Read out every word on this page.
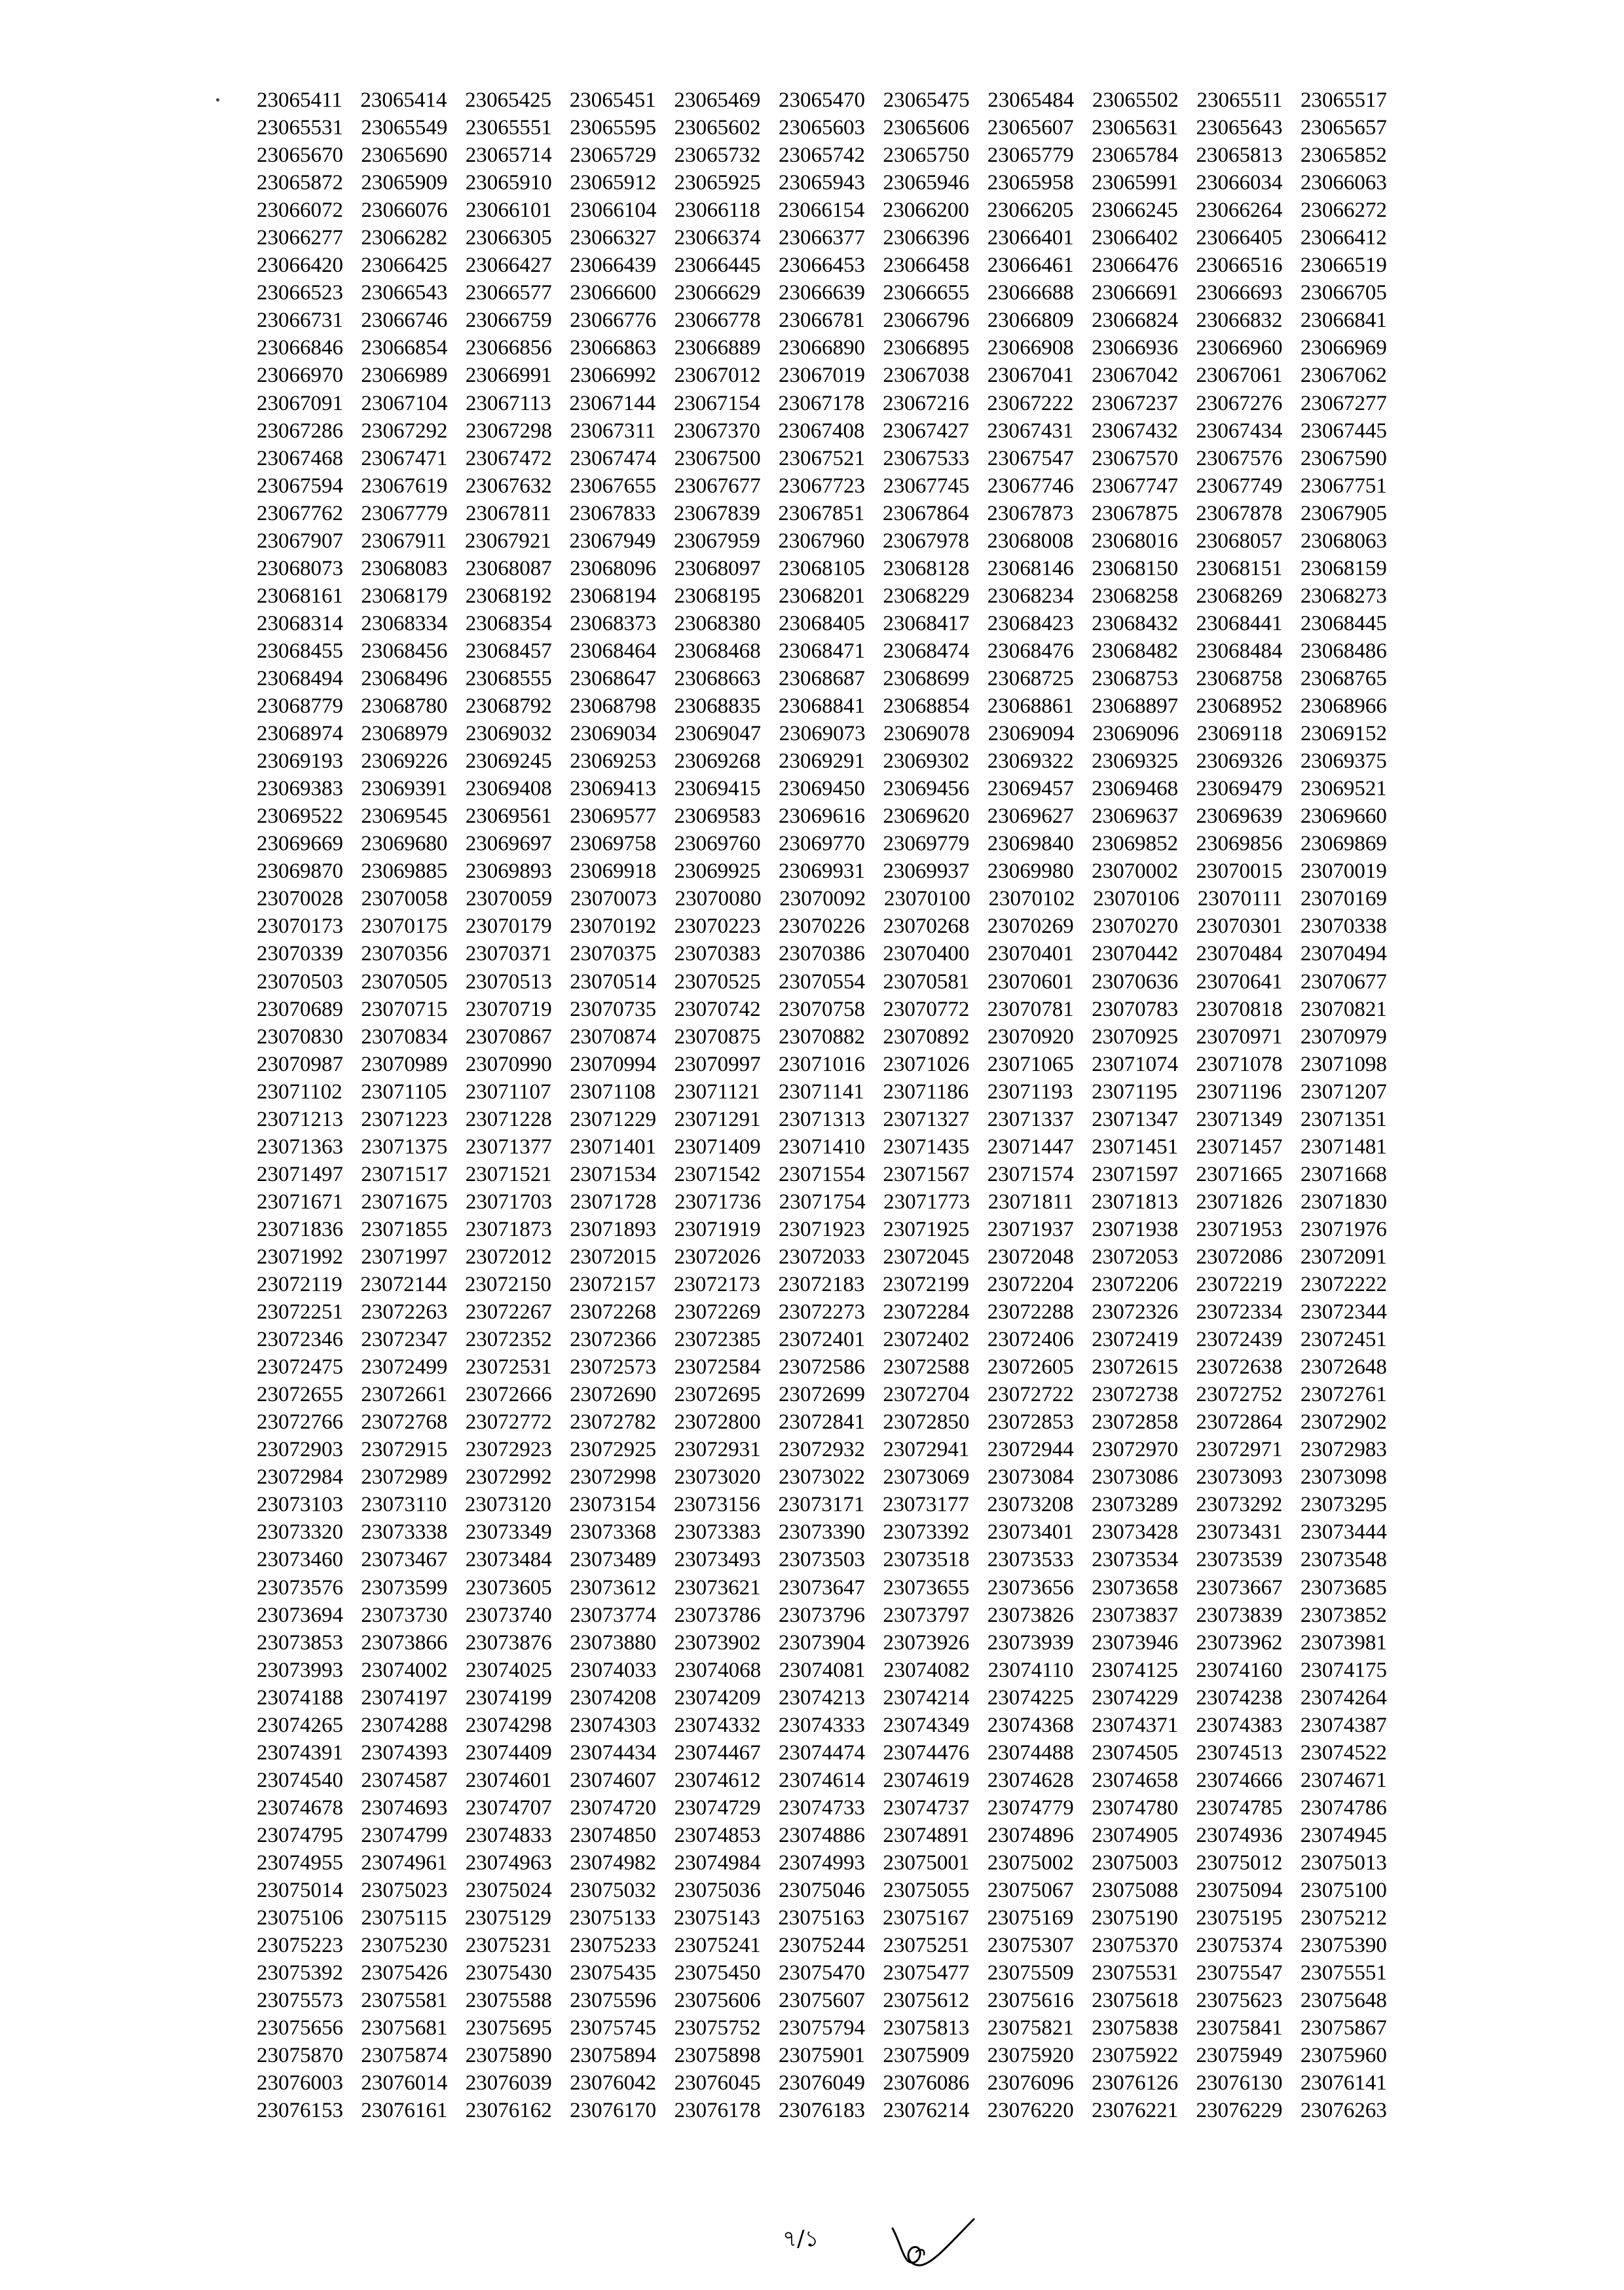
23065411 23065414 23065425 23065451 23065469 23065470 23065475 23065484 23065502 23065511 23065517
23065531 23065549 23065551 23065595 23065602 23065603 23065606 23065607 23065631 23065643 23065657
23065670 23065690 23065714 23065729 23065732 23065742 23065750 23065779 23065784 23065813 23065852
23065872 23065909 23065910 23065912 23065925 23065943 23065946 23065958 23065991 23066034 23066063
23066072 23066076 23066101 23066104 23066118 23066154 23066200 23066205 23066245 23066264 23066272
23066277 23066282 23066305 23066327 23066374 23066377 23066396 23066401 23066402 23066405 23066412
23066420 23066425 23066427 23066439 23066445 23066453 23066458 23066461 23066476 23066516 23066519
23066523 23066543 23066577 23066600 23066629 23066639 23066655 23066688 23066691 23066693 23066705
23066731 23066746 23066759 23066776 23066778 23066781 23066796 23066809 23066824 23066832 23066841
23066846 23066854 23066856 23066863 23066889 23066890 23066895 23066908 23066936 23066960 23066969
23066970 23066989 23066991 23066992 23067012 23067019 23067038 23067041 23067042 23067061 23067062
23067091 23067104 23067113 23067144 23067154 23067178 23067216 23067222 23067237 23067276 23067277
23067286 23067292 23067298 23067311 23067370 23067408 23067427 23067431 23067432 23067434 23067445
23067468 23067471 23067472 23067474 23067500 23067521 23067533 23067547 23067570 23067576 23067590
23067594 23067619 23067632 23067655 23067677 23067723 23067745 23067746 23067747 23067749 23067751
23067762 23067779 23067811 23067833 23067839 23067851 23067864 23067873 23067875 23067878 23067905
23067907 23067911 23067921 23067949 23067959 23067960 23067978 23068008 23068016 23068057 23068063
23068073 23068083 23068087 23068096 23068097 23068105 23068128 23068146 23068150 23068151 23068159
23068161 23068179 23068192 23068194 23068195 23068201 23068229 23068234 23068258 23068269 23068273
23068314 23068334 23068354 23068373 23068380 23068405 23068417 23068423 23068432 23068441 23068445
23068455 23068456 23068457 23068464 23068468 23068471 23068474 23068476 23068482 23068484 23068486
23068494 23068496 23068555 23068647 23068663 23068687 23068699 23068725 23068753 23068758 23068765
23068779 23068780 23068792 23068798 23068835 23068841 23068854 23068861 23068897 23068952 23068966
23068974 23068979 23069032 23069034 23069047 23069073 23069078 23069094 23069096 23069118 23069152
23069193 23069226 23069245 23069253 23069268 23069291 23069302 23069322 23069325 23069326 23069375
23069383 23069391 23069408 23069413 23069415 23069450 23069456 23069457 23069468 23069479 23069521
23069522 23069545 23069561 23069577 23069583 23069616 23069620 23069627 23069637 23069639 23069660
23069669 23069680 23069697 23069758 23069760 23069770 23069779 23069840 23069852 23069856 23069869
23069870 23069885 23069893 23069918 23069925 23069931 23069937 23069980 23070002 23070015 23070019
23070028 23070058 23070059 23070073 23070080 23070092 23070100 23070102 23070106 23070111 23070169
23070173 23070175 23070179 23070192 23070223 23070226 23070268 23070269 23070270 23070301 23070338
23070339 23070356 23070371 23070375 23070383 23070386 23070400 23070401 23070442 23070484 23070494
23070503 23070505 23070513 23070514 23070525 23070554 23070581 23070601 23070636 23070641 23070677
23070689 23070715 23070719 23070735 23070742 23070758 23070772 23070781 23070783 23070818 23070821
23070830 23070834 23070867 23070874 23070875 23070882 23070892 23070920 23070925 23070971 23070979
23070987 23070989 23070990 23070994 23070997 23071016 23071026 23071065 23071074 23071078 23071098
23071102 23071105 23071107 23071108 23071121 23071141 23071186 23071193 23071195 23071196 23071207
23071213 23071223 23071228 23071229 23071291 23071313 23071327 23071337 23071347 23071349 23071351
23071363 23071375 23071377 23071401 23071409 23071410 23071435 23071447 23071451 23071457 23071481
23071497 23071517 23071521 23071534 23071542 23071554 23071567 23071574 23071597 23071665 23071668
23071671 23071675 23071703 23071728 23071736 23071754 23071773 23071811 23071813 23071826 23071830
23071836 23071855 23071873 23071893 23071919 23071923 23071925 23071937 23071938 23071953 23071976
23071992 23071997 23072012 23072015 23072026 23072033 23072045 23072048 23072053 23072086 23072091
23072119 23072144 23072150 23072157 23072173 23072183 23072199 23072204 23072206 23072219 23072222
23072251 23072263 23072267 23072268 23072269 23072273 23072284 23072288 23072326 23072334 23072344
23072346 23072347 23072352 23072366 23072385 23072401 23072402 23072406 23072419 23072439 23072451
23072475 23072499 23072531 23072573 23072584 23072586 23072588 23072605 23072615 23072638 23072648
23072655 23072661 23072666 23072690 23072695 23072699 23072704 23072722 23072738 23072752 23072761
23072766 23072768 23072772 23072782 23072800 23072841 23072850 23072853 23072858 23072864 23072902
23072903 23072915 23072923 23072925 23072931 23072932 23072941 23072944 23072970 23072971 23072983
23072984 23072989 23072992 23072998 23073020 23073022 23073069 23073084 23073086 23073093 23073098
23073103 23073110 23073120 23073154 23073156 23073171 23073177 23073208 23073289 23073292 23073295
23073320 23073338 23073349 23073368 23073383 23073390 23073392 23073401 23073428 23073431 23073444
23073460 23073467 23073484 23073489 23073493 23073503 23073518 23073533 23073534 23073539 23073548
23073576 23073599 23073605 23073612 23073621 23073647 23073655 23073656 23073658 23073667 23073685
23073694 23073730 23073740 23073774 23073786 23073796 23073797 23073826 23073837 23073839 23073852
23073853 23073866 23073876 23073880 23073902 23073904 23073926 23073939 23073946 23073962 23073981
23073993 23074002 23074025 23074033 23074068 23074081 23074082 23074110 23074125 23074160 23074175
23074188 23074197 23074199 23074208 23074209 23074213 23074214 23074225 23074229 23074238 23074264
23074265 23074288 23074298 23074303 23074332 23074333 23074349 23074368 23074371 23074383 23074387
23074391 23074393 23074409 23074434 23074467 23074474 23074476 23074488 23074505 23074513 23074522
23074540 23074587 23074601 23074607 23074612 23074614 23074619 23074628 23074658 23074666 23074671
23074678 23074693 23074707 23074720 23074729 23074733 23074737 23074779 23074780 23074785 23074786
23074795 23074799 23074833 23074850 23074853 23074886 23074891 23074896 23074905 23074936 23074945
23074955 23074961 23074963 23074982 23074984 23074993 23075001 23075002 23075003 23075012 23075013
23075014 23075023 23075024 23075032 23075036 23075046 23075055 23075067 23075088 23075094 23075100
23075106 23075115 23075129 23075133 23075143 23075163 23075167 23075169 23075190 23075195 23075212
23075223 23075230 23075231 23075233 23075241 23075244 23075251 23075307 23075370 23075374 23075390
23075392 23075426 23075430 23075435 23075450 23075470 23075477 23075509 23075531 23075547 23075551
23075573 23075581 23075588 23075596 23075606 23075607 23075612 23075616 23075618 23075623 23075648
23075656 23075681 23075695 23075745 23075752 23075794 23075813 23075821 23075838 23075841 23075867
23075870 23075874 23075890 23075894 23075898 23075901 23075909 23075920 23075922 23075949 23075960
23076003 23076014 23076039 23076042 23076045 23076049 23076086 23076096 23076126 23076130 23076141
23076153 23076161 23076162 23076170 23076178 23076183 23076214 23076220 23076221 23076229 23076263
৭/১
